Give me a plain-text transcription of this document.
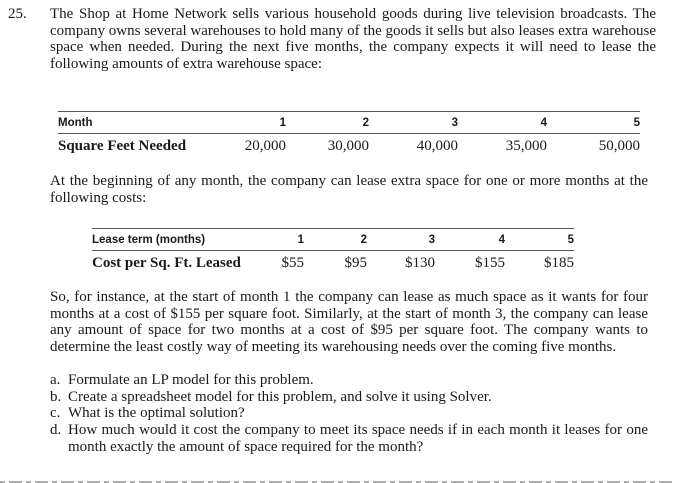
25.	The Shop at Home Network sells various household goods during live television broadcasts. The company owns several warehouses to hold many of the goods it sells but also leases extra warehouse space when needed. During the next five months, the company expects it will need to lease the following amounts of extra warehouse space:

Month	1	2	3	4	5
Square Feet Needed	20,000	30,000	40,000	35,000	50,000

At the beginning of any month, the company can lease extra space for one or more months at the following costs:

Lease term (months)	1	2	3	4	5
Cost per Sq. Ft. Leased	$55	$95	$130	$155	$185

So, for instance, at the start of month 1 the company can lease as much space as it wants for four months at a cost of $155 per square foot. Similarly, at the start of month 3, the company can lease any amount of space for two months at a cost of $95 per square foot. The company wants to determine the least costly way of meeting its warehousing needs over the coming five months.

a. Formulate an LP model for this problem.
b. Create a spreadsheet model for this problem, and solve it using Solver.
c. What is the optimal solution?
d. How much would it cost the company to meet its space needs if in each month it leases for one month exactly the amount of space required for the month?
